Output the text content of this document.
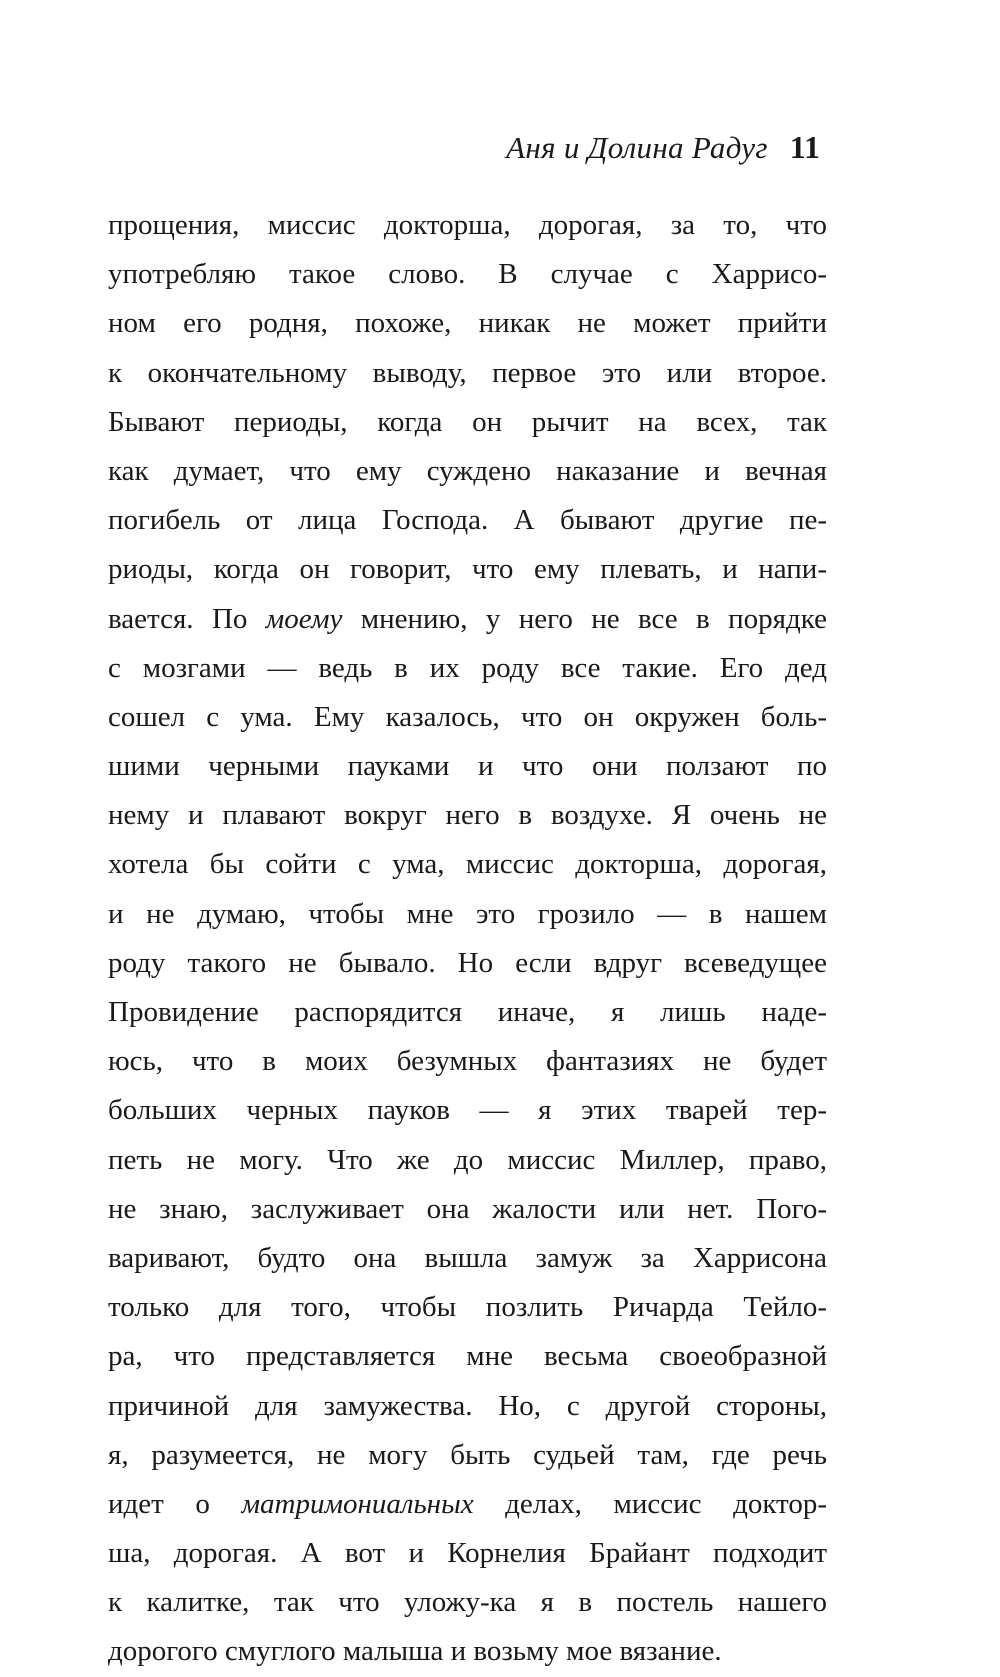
Аня и Долина Радуг 11
прощения, миссис докторша, дорогая, за то, что
употребляю такое слово. В случае с Харрисо-
ном его родня, похоже, никак не может прийти
к окончательному выводу, первое это или второе.
Бывают периоды, когда он рычит на всех, так
как думает, что ему суждено наказание и вечная
погибель от лица Господа. А бывают другие пе-
риоды, когда он говорит, что ему плевать, и напи-
вается. По моему мнению, у него не все в порядке
с мозгами — ведь в их роду все такие. Его дед
сошел с ума. Ему казалось, что он окружен боль-
шими черными пауками и что они ползают по
нему и плавают вокруг него в воздухе. Я очень не
хотела бы сойти с ума, миссис докторша, дорогая,
и не думаю, чтобы мне это грозило — в нашем
роду такого не бывало. Но если вдруг всеведущее
Провидение распорядится иначе, я лишь наде-
юсь, что в моих безумных фантазиях не будет
больших черных пауков — я этих тварей тер-
петь не могу. Что же до миссис Миллер, право,
не знаю, заслуживает она жалости или нет. Пого-
варивают, будто она вышла замуж за Харрисона
только для того, чтобы позлить Ричарда Тейло-
ра, что представляется мне весьма своеобразной
причиной для замужества. Но, с другой стороны,
я, разумеется, не могу быть судьей там, где речь
идет о матримониальных делах, миссис доктор-
ша, дорогая. А вот и Корнелия Брайант подходит
к калитке, так что уложу-ка я в постель нашего
дорогого смуглого малыша и возьму мое вязание.
